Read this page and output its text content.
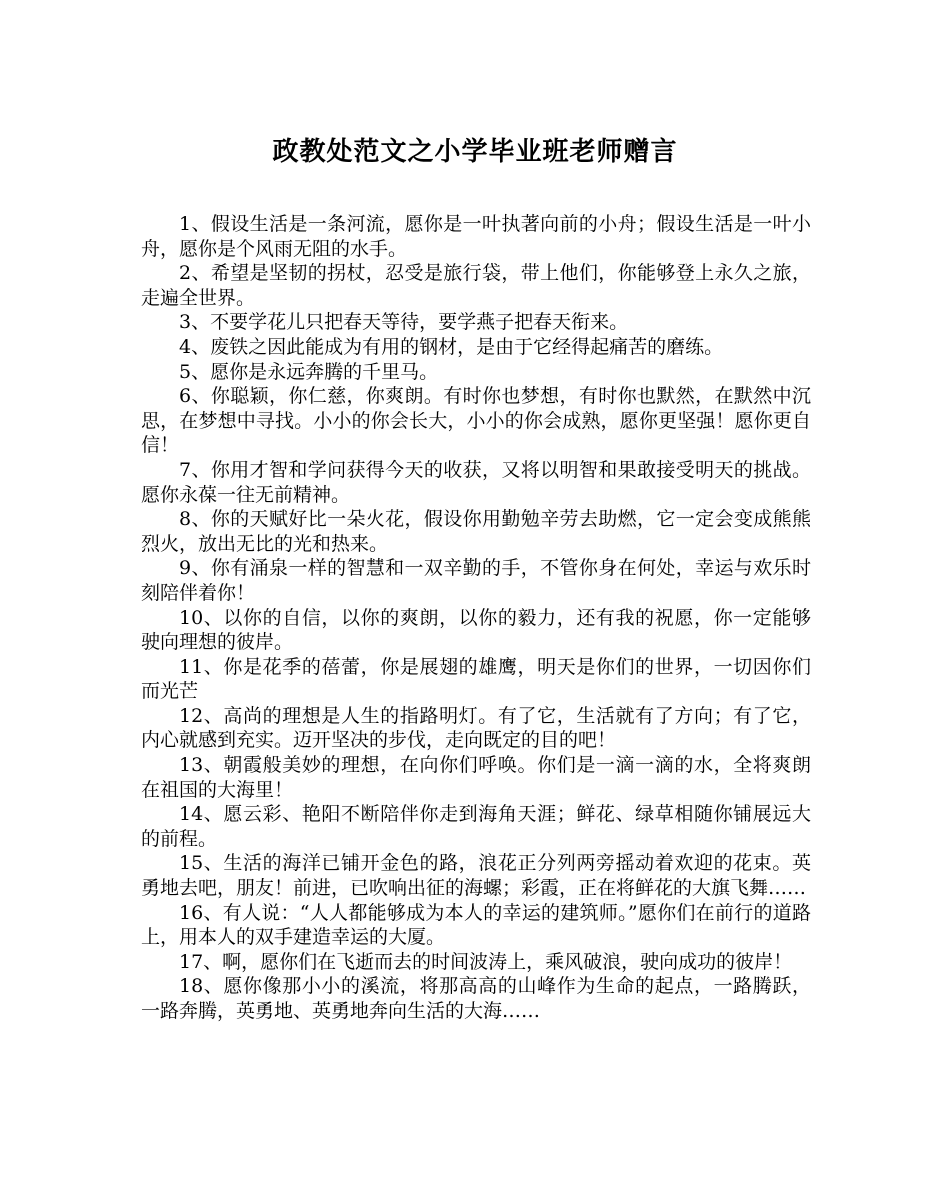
政教处范文之小学毕业班老师赠言

1、假设生活是一条河流，愿你是一叶执著向前的小舟；假设生活是一叶小舟，愿你是个风雨无阻的水手。

2、希望是坚韧的拐杖，忍受是旅行袋，带上他们，你能够登上永久之旅，走遍全世界。

3、不要学花儿只把春天等待，要学燕子把春天衔来。

4、废铁之因此能成为有用的钢材，是由于它经得起痛苦的磨练。

5、愿你是永远奔腾的千里马。

6、你聪颖，你仁慈，你爽朗。有时你也梦想，有时你也默然，在默然中沉思，在梦想中寻找。小小的你会长大，小小的你会成熟，愿你更坚强！愿你更自信！

7、你用才智和学问获得今天的收获，又将以明智和果敢接受明天的挑战。愿你永葆一往无前精神。

8、你的天赋好比一朵火花，假设你用勤勉辛劳去助燃，它一定会变成熊熊烈火，放出无比的光和热来。

9、你有涌泉一样的智慧和一双辛勤的手，不管你身在何处，幸运与欢乐时刻陪伴着你！

10、以你的自信，以你的爽朗，以你的毅力，还有我的祝愿，你一定能够驶向理想的彼岸。

11、你是花季的蓓蕾，你是展翅的雄鹰，明天是你们的世界，一切因你们而光芒

12、高尚的理想是人生的指路明灯。有了它，生活就有了方向；有了它，内心就感到充实。迈开坚决的步伐，走向既定的目的吧！

13、朝霞般美妙的理想，在向你们呼唤。你们是一滴一滴的水，全将爽朗在祖国的大海里！

14、愿云彩、艳阳不断陪伴你走到海角天涯；鲜花、绿草相随你铺展远大的前程。

15、生活的海洋已铺开金色的路，浪花正分列两旁摇动着欢迎的花束。英勇地去吧，朋友！前进，已吹响出征的海螺；彩霞，正在将鲜花的大旗飞舞……

16、有人说：“人人都能够成为本人的幸运的建筑师。”愿你们在前行的道路上，用本人的双手建造幸运的大厦。

17、啊，愿你们在飞逝而去的时间波涛上，乘风破浪，驶向成功的彼岸！

18、愿你像那小小的溪流，将那高高的山峰作为生命的起点，一路腾跃，一路奔腾，英勇地、英勇地奔向生活的大海……
